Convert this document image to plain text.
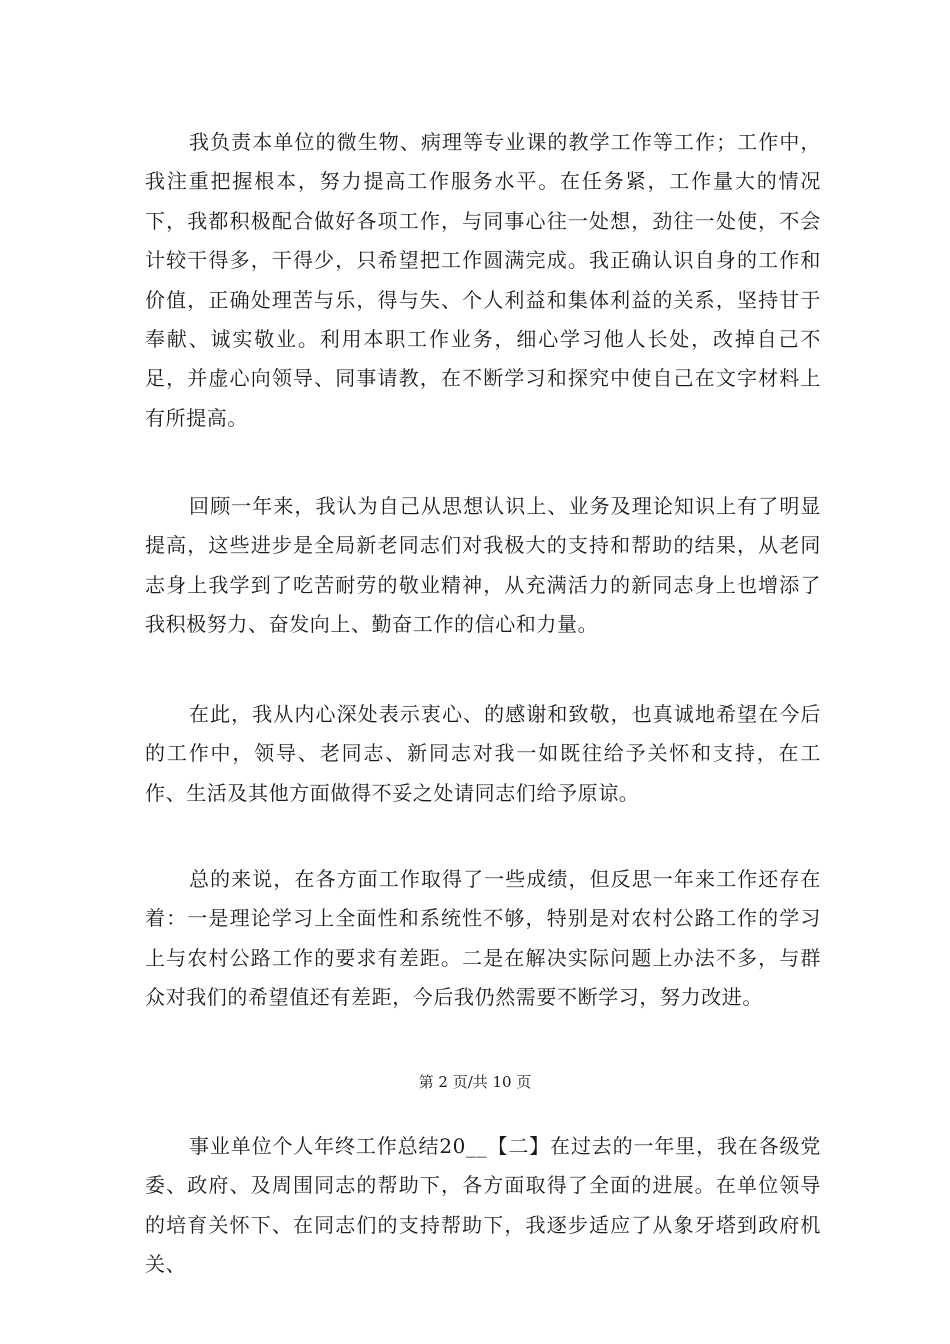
我负责本单位的微生物、病理等专业课的教学工作等工作；工作中，我注重把握根本，努力提高工作服务水平。在任务紧，工作量大的情况下，我都积极配合做好各项工作，与同事心往一处想，劲往一处使，不会计较干得多，干得少，只希望把工作圆满完成。我正确认识自身的工作和价值，正确处理苦与乐，得与失、个人利益和集体利益的关系，坚持甘于奉献、诚实敬业。利用本职工作业务，细心学习他人长处，改掉自己不足，并虚心向领导、同事请教，在不断学习和探究中使自己在文字材料上有所提高。

回顾一年来，我认为自己从思想认识上、业务及理论知识上有了明显提高，这些进步是全局新老同志们对我极大的支持和帮助的结果，从老同志身上我学到了吃苦耐劳的敬业精神，从充满活力的新同志身上也增添了我积极努力、奋发向上、勤奋工作的信心和力量。

在此，我从内心深处表示衷心、的感谢和致敬，也真诚地希望在今后的工作中，领导、老同志、新同志对我一如既往给予关怀和支持，在工作、生活及其他方面做得不妥之处请同志们给予原谅。

总的来说，在各方面工作取得了一些成绩，但反思一年来工作还存在着：一是理论学习上全面性和系统性不够，特别是对农村公路工作的学习上与农村公路工作的要求有差距。二是在解决实际问题上办法不多，与群众对我们的希望值还有差距，今后我仍然需要不断学习，努力改进。

第 2 页/共 10 页

事业单位个人年终工作总结20__【二】在过去的一年里，我在各级党委、政府、及周围同志的帮助下，各方面取得了全面的进展。在单位领导的培育关怀下、在同志们的支持帮助下，我逐步适应了从象牙塔到政府机关、
